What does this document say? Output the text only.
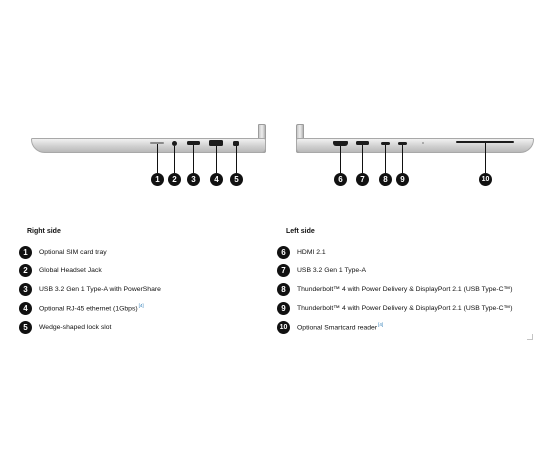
1	2	3	4	5	6	7	8	9	10
Right side
1	Optional SIM card tray
2	Global Headset Jack
3	USB 3.2 Gen 1 Type-A with PowerShare
4	Optional RJ-45 ethernet (1Gbps)[4]
5	Wedge-shaped lock slot
Left side
6	HDMI 2.1
7	USB 3.2 Gen 1 Type-A
8	Thunderbolt™ 4 with Power Delivery & DisplayPort 2.1 (USB Type-C™)
9	Thunderbolt™ 4 with Power Delivery & DisplayPort 2.1 (USB Type-C™)
10	Optional Smartcard reader[4]
